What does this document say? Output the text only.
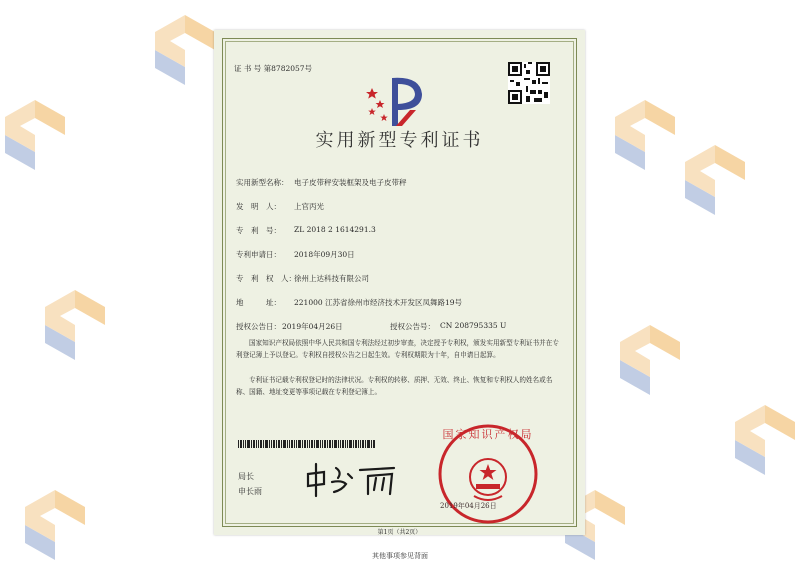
证 书 号 第8782057号
实用新型专利证书
实用新型名称： 电子皮带秤安装框架及电子皮带秤
发　明　人： 上官丙光
专　利　号： ZL 2018 2 1614291.3
专利申请日： 2018年09月30日
专　利　权　人：
徐州上达科技有限公司
地　　　址： 221000 江苏省徐州市经济技术开发区凤舞路19号
授权公告日： 2019年04月26日	授权公告号： CN 208795335 U
国家知识产权局依照中华人民共和国专利法经过初步审查，决定授予专利权，颁发实用新型专利证书并在专利登记簿上予以登记。专利权自授权公告之日起生效。专利权期限为十年，自申请日起算。
专利证书记载专利权登记时的法律状况。专利权的转移、质押、无效、终止、恢复和专利权人的姓名或名称、国籍、地址变更等事项记载在专利登记簿上。
局长
申长雨
国家知识产权局
2019年04月26日
第1页（共2页）
其他事项参见背面
